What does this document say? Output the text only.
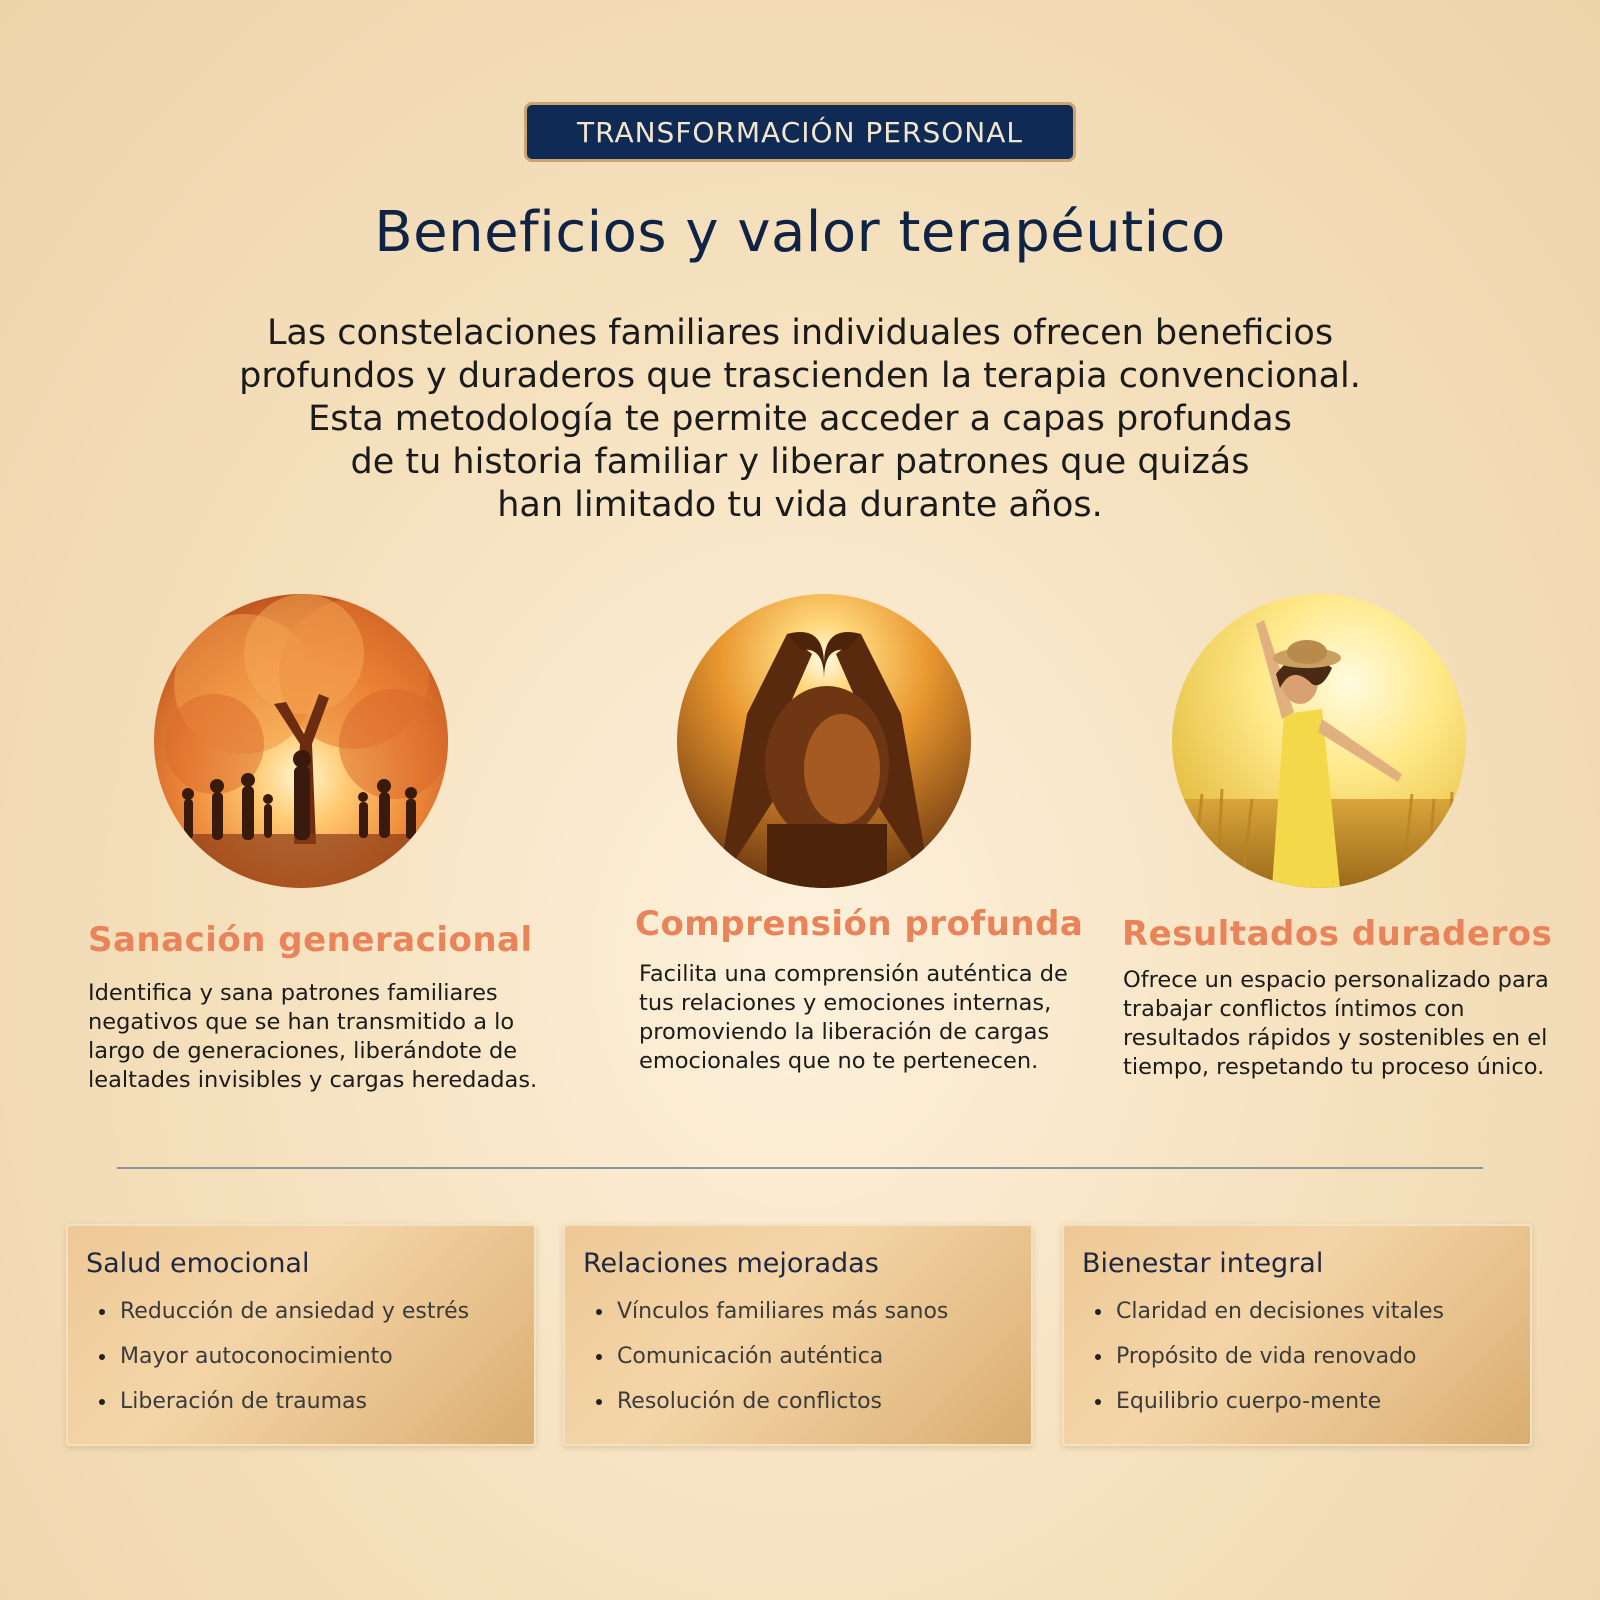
TRANSFORMACIÓN PERSONAL
Beneficios y valor terapéutico
Las constelaciones familiares individuales ofrecen beneficios
profundos y duraderos que trascienden la terapia convencional.
Esta metodología te permite acceder a capas profundas
de tu historia familiar y liberar patrones que quizás
han limitado tu vida durante años.
Sanación generacional
Identifica y sana patrones familiares negativos que se han transmitido a lo largo de generaciones, liberándote de lealtades invisibles y cargas heredadas.
Comprensión profunda
Facilita una comprensión auténtica de tus relaciones y emociones internas, promoviendo la liberación de cargas emocionales que no te pertenecen.
Resultados duraderos
Ofrece un espacio personalizado para trabajar conflictos íntimos con resultados rápidos y sostenibles en el tiempo, respetando tu proceso único.
Salud emocional
• Reducción de ansiedad y estrés
• Mayor autoconocimiento
• Liberación de traumas
Relaciones mejoradas
• Vínculos familiares más sanos
• Comunicación auténtica
• Resolución de conflictos
Bienestar integral
• Claridad en decisiones vitales
• Propósito de vida renovado
• Equilibrio cuerpo-mente
